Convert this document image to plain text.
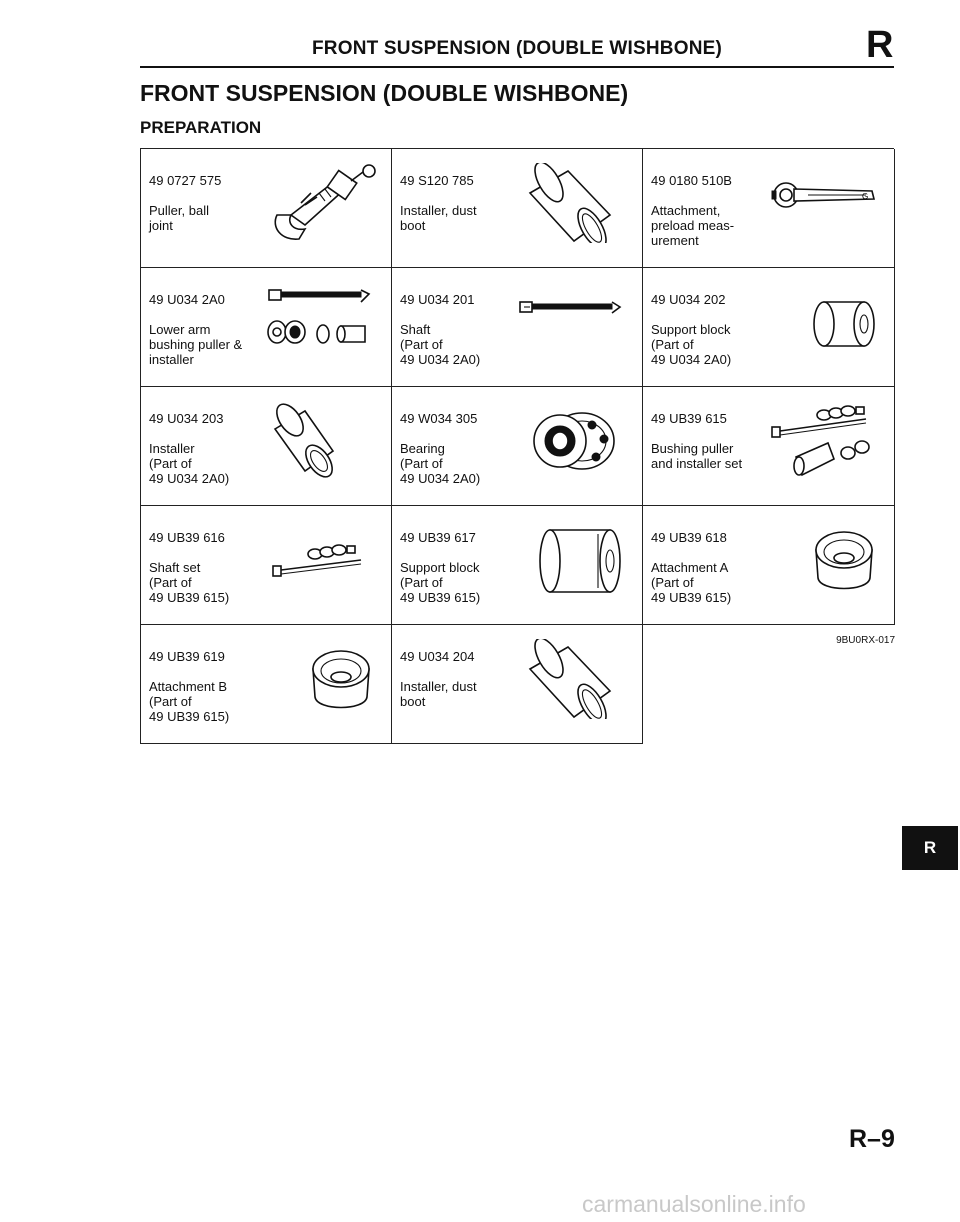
FRONT SUSPENSION (DOUBLE WISHBONE)	R
FRONT SUSPENSION (DOUBLE WISHBONE)
PREPARATION
49 0727 575
Puller, ball
joint
49 S120 785
Installer, dust
boot
49 0180 510B
Attachment,
preload meas-
urement
G
49 U034 2A0
Lower arm
bushing puller &
installer
49 U034 201
Shaft
(Part of
49 U034 2A0)
49 U034 202
Support block
(Part of
49 U034 2A0)
49 U034 203
Installer
(Part of
49 U034 2A0)
49 W034 305
Bearing
(Part of
49 U034 2A0)
49 UB39 615
Bushing puller
and installer set
49 UB39 616
Shaft set
(Part of
49 UB39 615)
49 UB39 617
Support block
(Part of
49 UB39 615)
49 UB39 618
Attachment A
(Part of
49 UB39 615)
49 UB39 619
Attachment B
(Part of
49 UB39 615)
49 U034 204
Installer, dust
boot
9BU0RX-017
R
R–9
carmanualsonline.info
